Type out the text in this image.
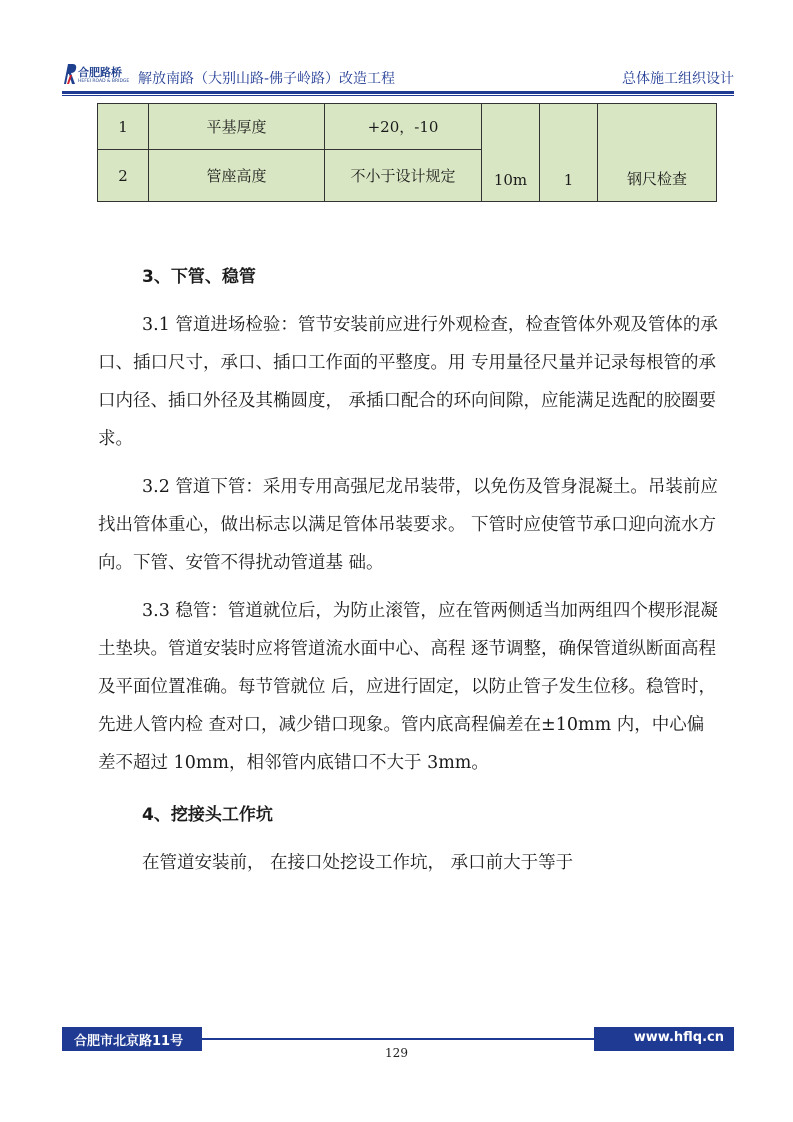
合肥路桥
HEFEI ROAD & BRIDGE 解放南路（大别山路-佛子岭路）改造工程	总体施工组织设计
1	平基厚度	+20，-10	10m	1	钢尺检查
2	管座高度	不小于设计规定			

3、下管、稳管

3.1 管道进场检验：管节安装前应进行外观检查，检查管体外观及管体的承口、插口尺寸，承口、插口工作面的平整度。用 专用量径尺量并记录每根管的承口内径、插口外径及其椭圆度， 承插口配合的环向间隙，应能满足选配的胶圈要求。

3.2 管道下管：采用专用高强尼龙吊装带，以免伤及管身混凝土。吊装前应找出管体重心，做出标志以满足管体吊装要求。 下管时应使管节承口迎向流水方向。下管、安管不得扰动管道基 础。

3.3 稳管：管道就位后，为防止滚管，应在管两侧适当加两组四个楔形混凝土垫块。管道安装时应将管道流水面中心、高程 逐节调整，确保管道纵断面高程及平面位置准确。每节管就位 后，应进行固定，以防止管子发生位移。稳管时，先进人管内检 查对口，减少错口现象。管内底高程偏差在±10mm 内，中心偏差不超过 10mm，相邻管内底错口不大于 3mm。

4、挖接头工作坑

在管道安装前， 在接口处挖设工作坑， 承口前大于等于

合肥市北京路11号	www.hflq.cn
129
